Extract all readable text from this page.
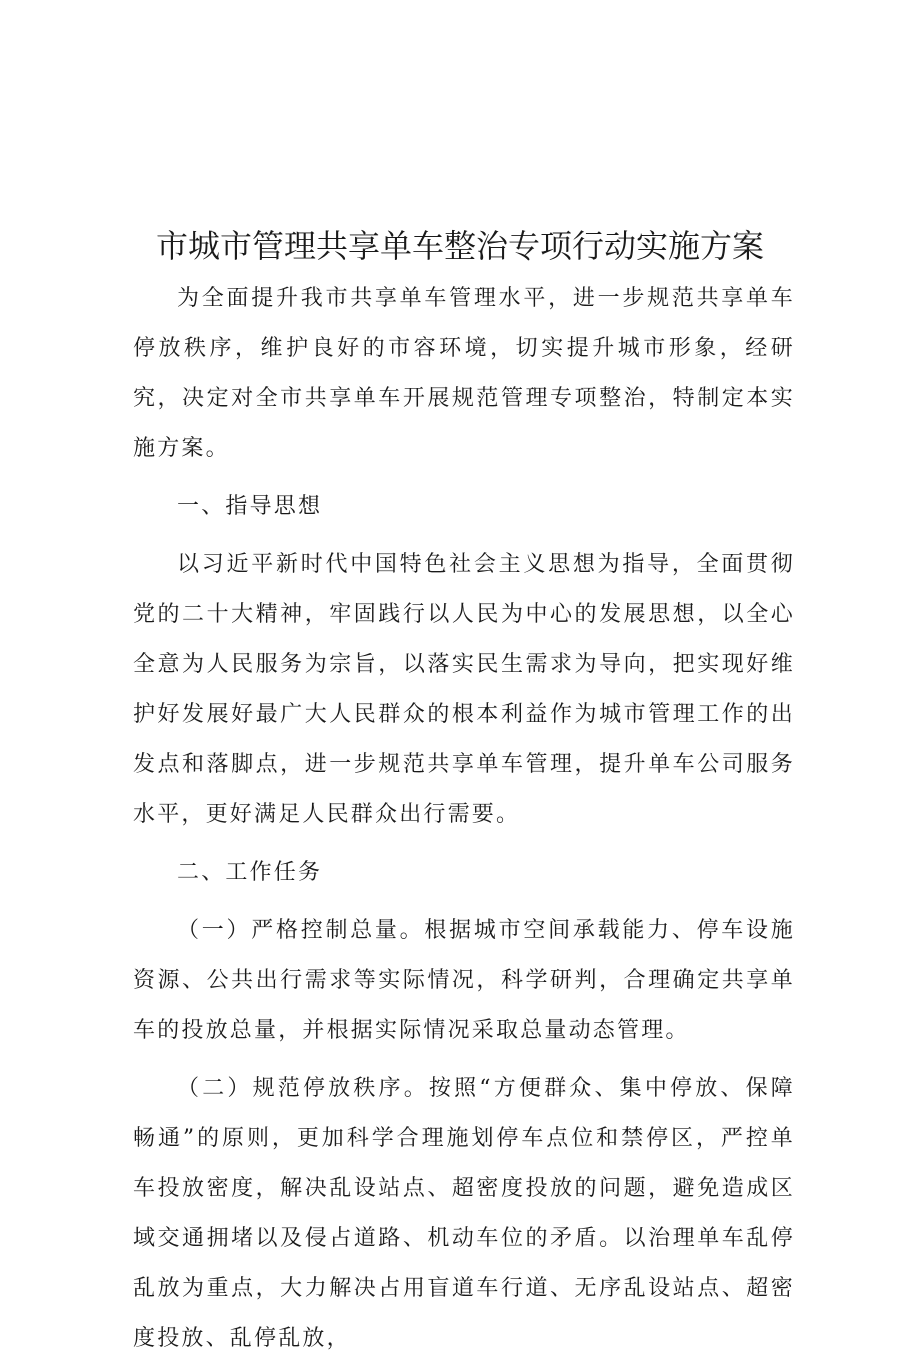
市城市管理共享单车整治专项行动实施方案

为全面提升我市共享单车管理水平，进一步规范共享单车停放秩序，维护良好的市容环境，切实提升城市形象，经研究，决定对全市共享单车开展规范管理专项整治，特制定本实施方案。

一、指导思想

以习近平新时代中国特色社会主义思想为指导，全面贯彻党的二十大精神，牢固践行以人民为中心的发展思想，以全心全意为人民服务为宗旨，以落实民生需求为导向，把实现好维护好发展好最广大人民群众的根本利益作为城市管理工作的出发点和落脚点，进一步规范共享单车管理，提升单车公司服务水平，更好满足人民群众出行需要。

二、工作任务

（一）严格控制总量。根据城市空间承载能力、停车设施资源、公共出行需求等实际情况，科学研判，合理确定共享单车的投放总量，并根据实际情况采取总量动态管理。

（二）规范停放秩序。按照“方便群众、集中停放、保障畅通”的原则，更加科学合理施划停车点位和禁停区，严控单车投放密度，解决乱设站点、超密度投放的问题，避免造成区域交通拥堵以及侵占道路、机动车位的矛盾。以治理单车乱停乱放为重点，大力解决占用盲道车行道、无序乱设站点、超密度投放、乱停乱放，
